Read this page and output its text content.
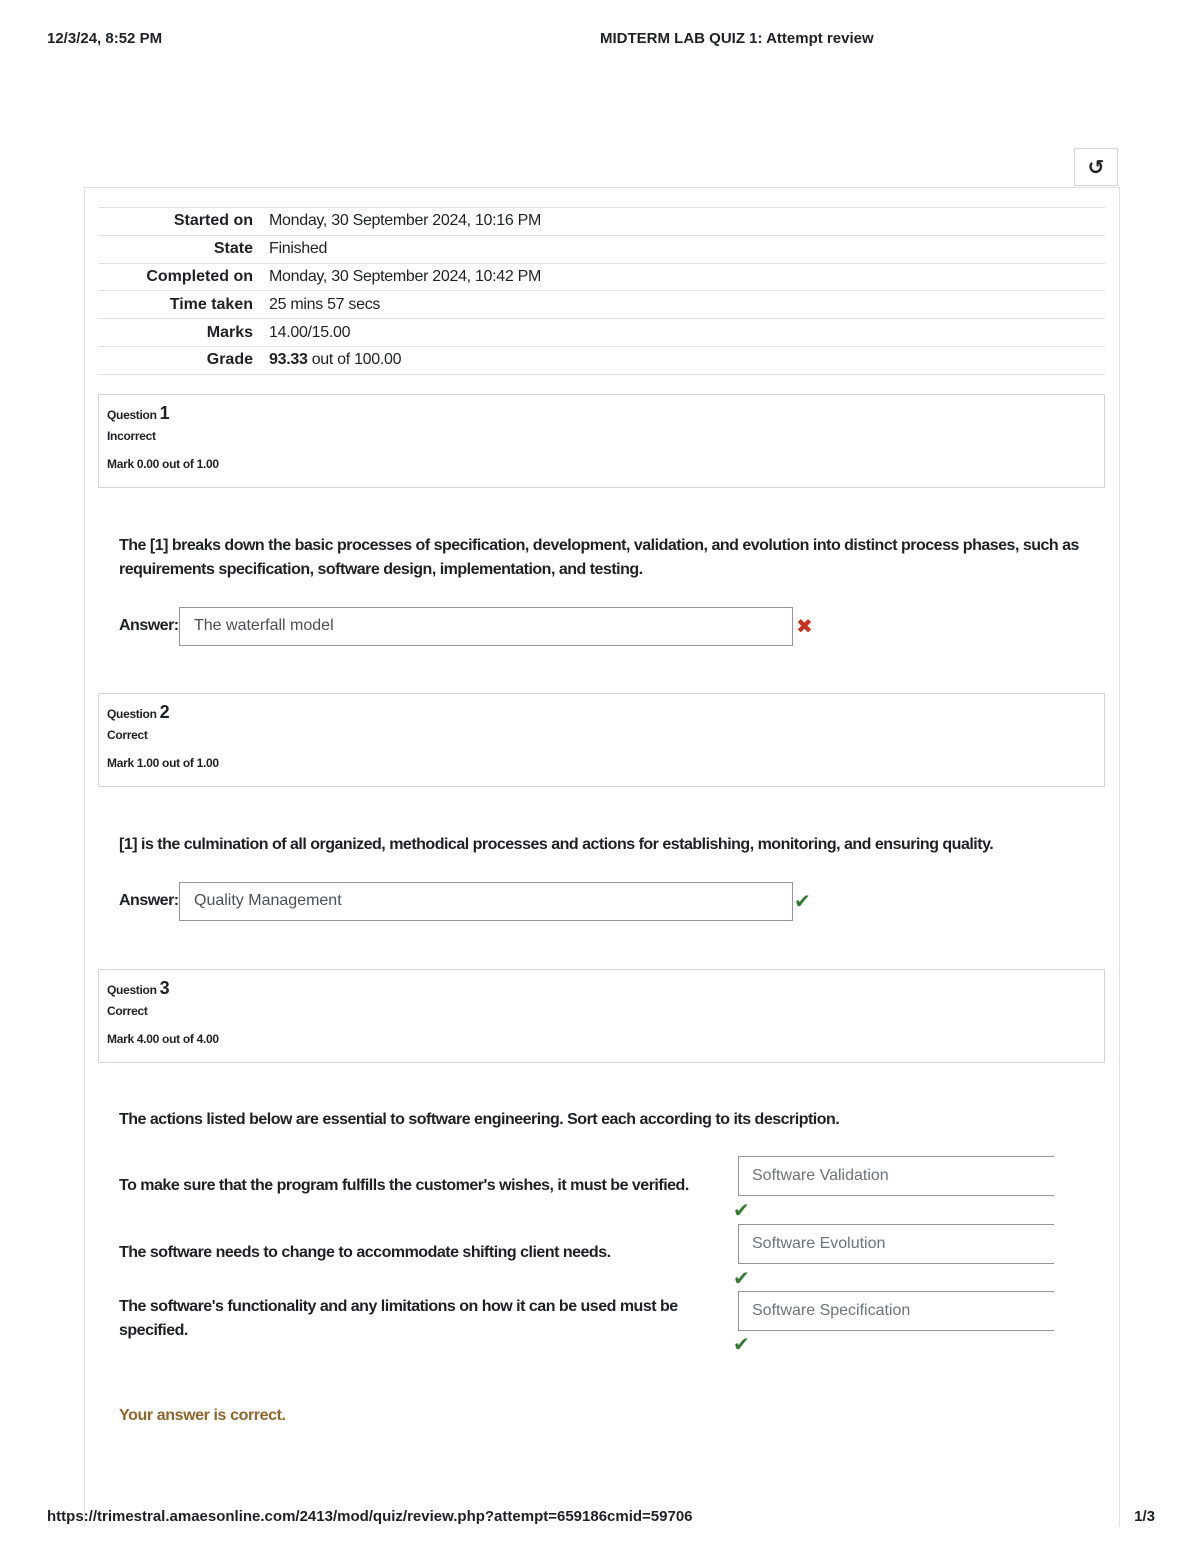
12/3/24, 8:52 PM	MIDTERM LAB QUIZ 1: Attempt review
↺
Started on	Monday, 30 September 2024, 10:16 PM
State	Finished
Completed on	Monday, 30 September 2024, 10:42 PM
Time taken	25 mins 57 secs
Marks	14.00/15.00
Grade	93.33 out of 100.00
Question 1
Incorrect
Mark 0.00 out of 1.00
The [1] breaks down the basic processes of specification, development, validation, and evolution into distinct process phases, such as requirements specification, software design, implementation, and testing.
Answer: The waterfall model	✖
Question 2
Correct
Mark 1.00 out of 1.00
[1] is the culmination of all organized, methodical processes and actions for establishing, monitoring, and ensuring quality.
Answer: Quality Management	✔
Question 3
Correct
Mark 4.00 out of 4.00
The actions listed below are essential to software engineering. Sort each according to its description.
To make sure that the program fulfills the customer's wishes, it must be verified.
Software Validation
✔
The software needs to change to accommodate shifting client needs.
Software Evolution
✔
The software's functionality and any limitations on how it can be used must be specified.
Software Specification
✔
Your answer is correct.
https://trimestral.amaesonline.com/2413/mod/quiz/review.php?attempt=659186cmid=59706	1/3
